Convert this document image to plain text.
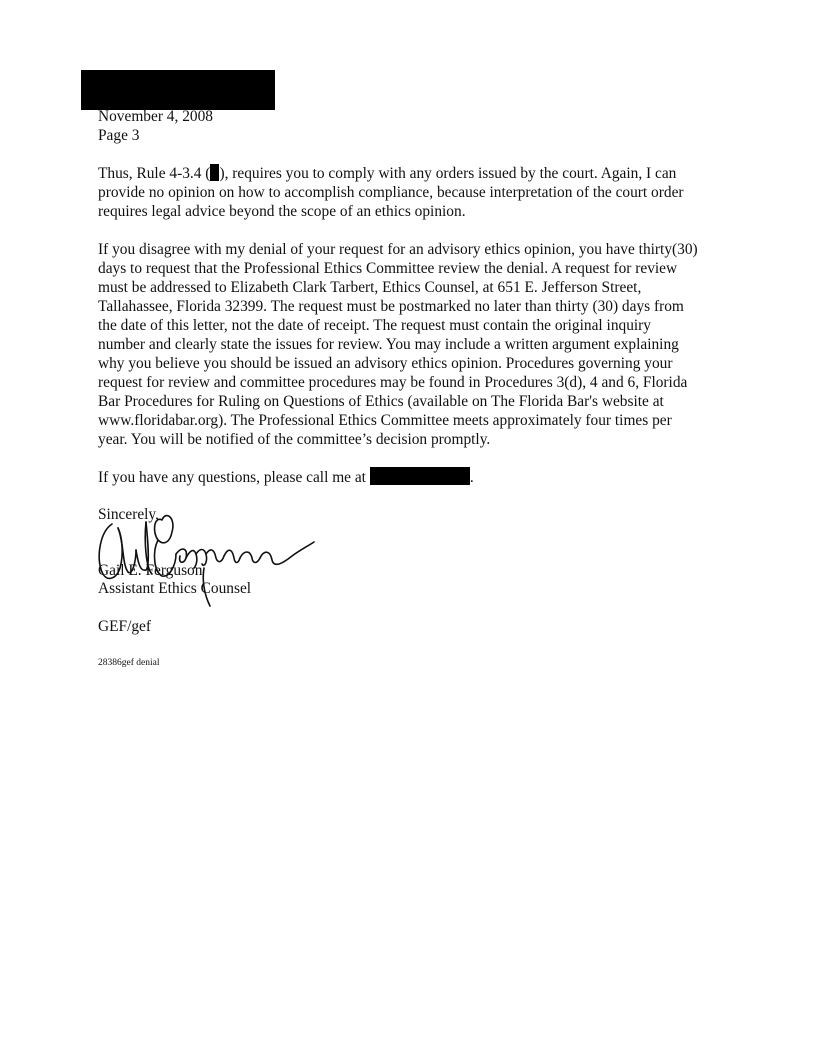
November 4, 2008
Page 3

Thus, Rule 4-3.4 ( ), requires you to comply with any orders issued by the court. Again, I can

provide no opinion on how to accomplish compliance, because interpretation of the court order

requires legal advice beyond the scope of an ethics opinion.

If you disagree with my denial of your request for an advisory ethics opinion, you have thirty(30)

days to request that the Professional Ethics Committee review the denial. A request for review

must be addressed to Elizabeth Clark Tarbert, Ethics Counsel, at 651 E. Jefferson Street,

Tallahassee, Florida 32399. The request must be postmarked no later than thirty (30) days from

the date of this letter, not the date of receipt. The request must contain the original inquiry

number and clearly state the issues for review. You may include a written argument explaining

why you believe you should be issued an advisory ethics opinion. Procedures governing your

request for review and committee procedures may be found in Procedures 3(d), 4 and 6, Florida

Bar Procedures for Ruling on Questions of Ethics (available on The Florida Bar's website at

www.floridabar.org). The Professional Ethics Committee meets approximately four times per

year. You will be notified of the committee’s decision promptly.

If you have any questions, please call me at	.

Sincerely,
Gail E. Ferguson
Assistant Ethics Counsel
GEF/gef
28386gef denial
